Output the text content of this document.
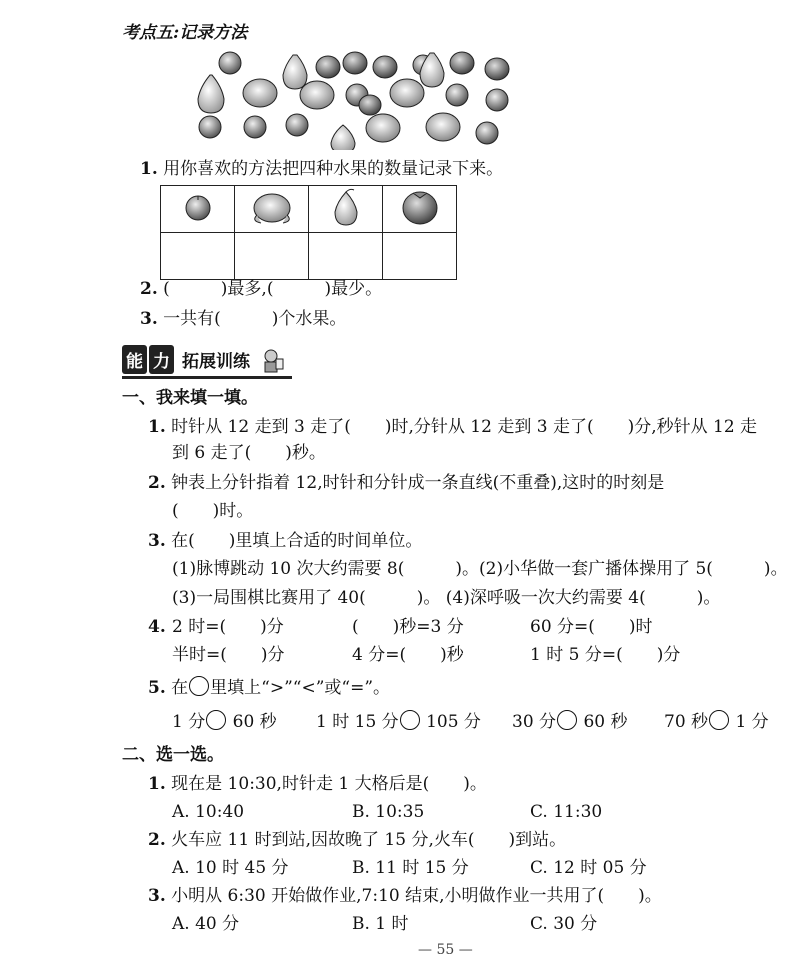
考点五:记录方法
1. 用你喜欢的方法把四种水果的数量记录下来。

2. (　　　)最多,(　　　)最少。
3. 一共有(　　　)个水果。
能 力 拓展训练
一、我来填一填。
1. 时针从 12 走到 3 走了(　　)时,分针从 12 走到 3 走了(　　)分,秒针从 12 走
到 6 走了(　　)秒。
2. 钟表上分针指着 12,时针和分针成一条直线(不重叠),这时的时刻是
(　　)时。
3. 在(　　)里填上合适的时间单位。
(1)脉博跳动 10 次大约需要 8(　　　)。(2)小华做一套广播体操用了 5(　　　)。
(3)一局围棋比赛用了 40(　　　)。 (4)深呼吸一次大约需要 4(　　　)。
4. 2 时=(　　)分	(　　)秒=3 分	60 分=(　　)时
半时=(　　)分	4 分=(　　)秒	1 时 5 分=(　　)分
5. 在 里填上“>”“<”或“=”。
1 分 60 秒 1 时 15 分 105 分 30 分 60 秒 70 秒 1 分
二、选一选。
1. 现在是 10:30,时针走 1 大格后是(　　)。
A. 10:40	B. 10:35	C. 11:30
2. 火车应 11 时到站,因故晚了 15 分,火车(　　)到站。
A. 10 时 45 分	B. 11 时 15 分	C. 12 时 05 分
3. 小明从 6:30 开始做作业,7:10 结束,小明做作业一共用了(　　)。
A. 40 分	B. 1 时	C. 30 分
— 55 —
